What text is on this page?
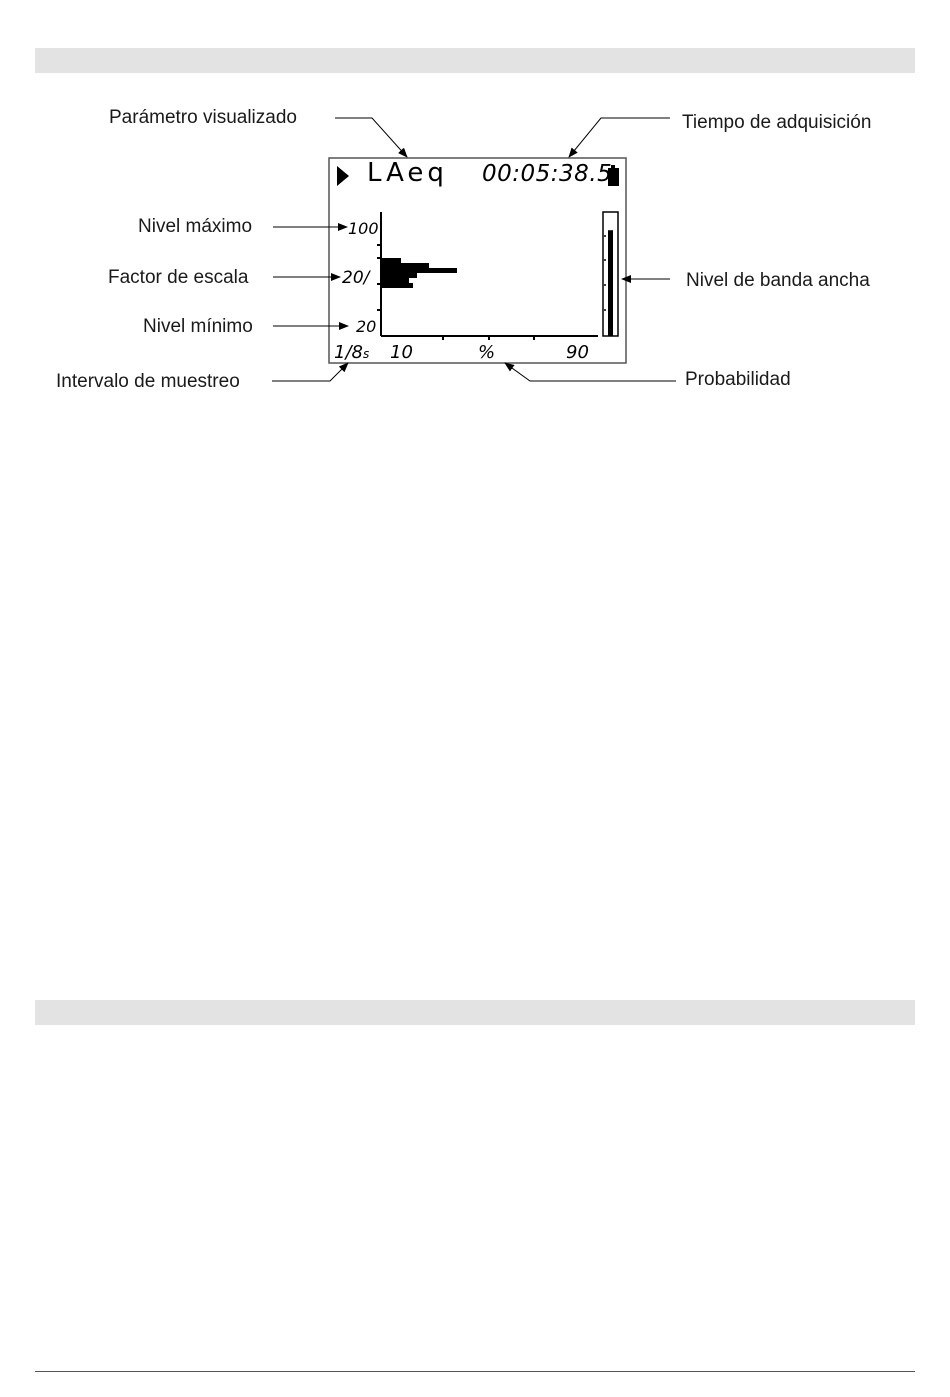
LAeq 00:05:38.5
100
20/
20
1/8s 10	%	90
Parámetro visualizado	Tiempo de adquisición
Nivel máximo
Factor de escala	Nivel de banda ancha
Nivel mínimo
Intervalo de muestreo	Probabilidad
